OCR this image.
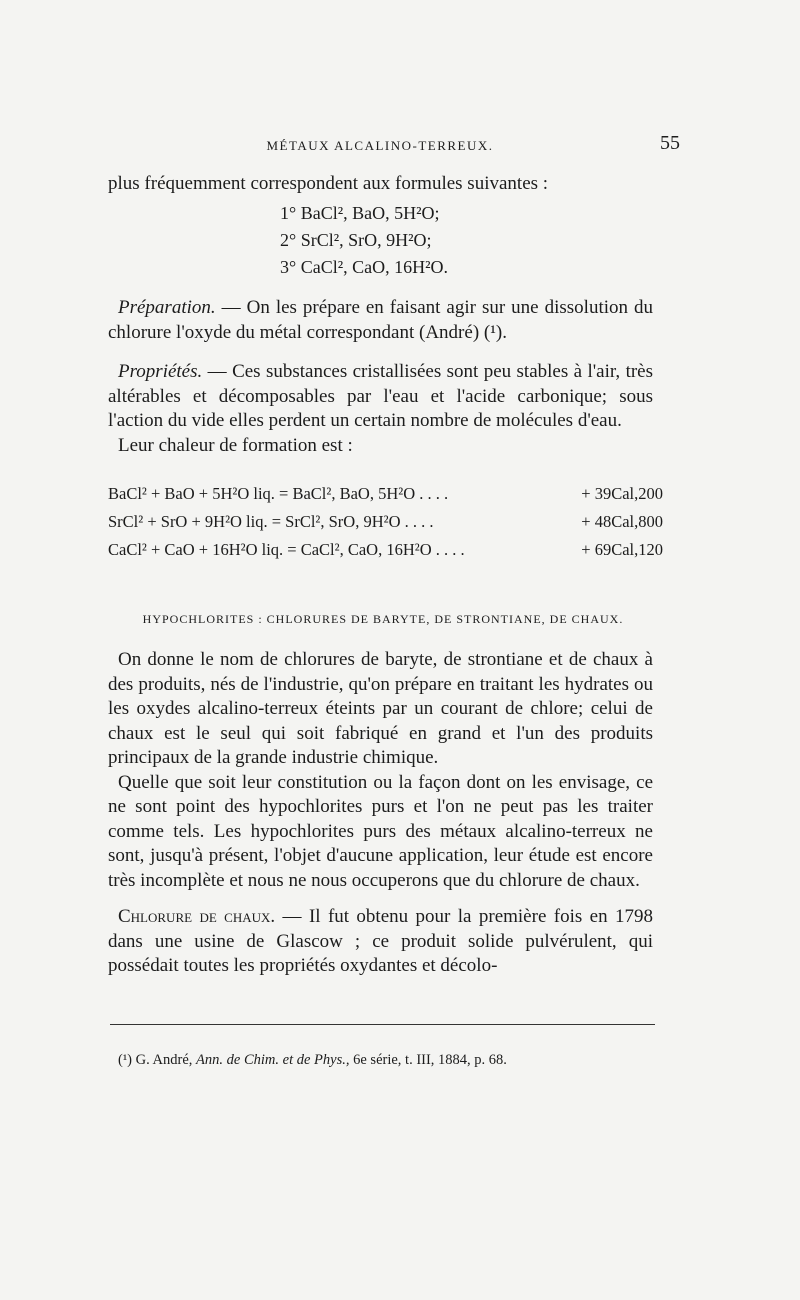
MÉTAUX ALCALINO-TERREUX.	55

plus fréquemment correspondent aux formules suivantes :

1° BaCl², BaO, 5H²O;
2° SrCl², SrO, 9H²O;
3° CaCl², CaO, 16H²O.

Préparation. — On les prépare en faisant agir sur une dissolution du chlorure l'oxyde du métal correspondant (André) (¹).

Propriétés. — Ces substances cristallisées sont peu stables à l'air, très altérables et décomposables par l'eau et l'acide carbonique; sous l'action du vide elles perdent un certain nombre de molécules d'eau.

Leur chaleur de formation est :

BaCl² + BaO + 5H²O liq. = BaCl², BaO, 5H²O . . . .	+ 39Cal,200
SrCl² + SrO + 9H²O liq. = SrCl², SrO, 9H²O . . . .	+ 48Cal,800
CaCl² + CaO + 16H²O liq. = CaCl², CaO, 16H²O . . . .	+ 69Cal,120
HYPOCHLORITES : CHLORURES DE BARYTE, DE STRONTIANE, DE CHAUX.

On donne le nom de chlorures de baryte, de strontiane et de chaux à des produits, nés de l'industrie, qu'on prépare en traitant les hydrates ou les oxydes alcalino-terreux éteints par un courant de chlore; celui de chaux est le seul qui soit fabriqué en grand et l'un des produits principaux de la grande industrie chimique.

Quelle que soit leur constitution ou la façon dont on les envisage, ce ne sont point des hypochlorites purs et l'on ne peut pas les traiter comme tels. Les hypochlorites purs des métaux alcalino-terreux ne sont, jusqu'à présent, l'objet d'aucune application, leur étude est encore très incomplète et nous ne nous occuperons que du chlorure de chaux.

Chlorure de chaux. — Il fut obtenu pour la première fois en 1798 dans une usine de Glascow ; ce produit solide pulvérulent, qui possédait toutes les propriétés oxydantes et décolo-

(¹) G. André, Ann. de Chim. et de Phys., 6e série, t. III, 1884, p. 68.
